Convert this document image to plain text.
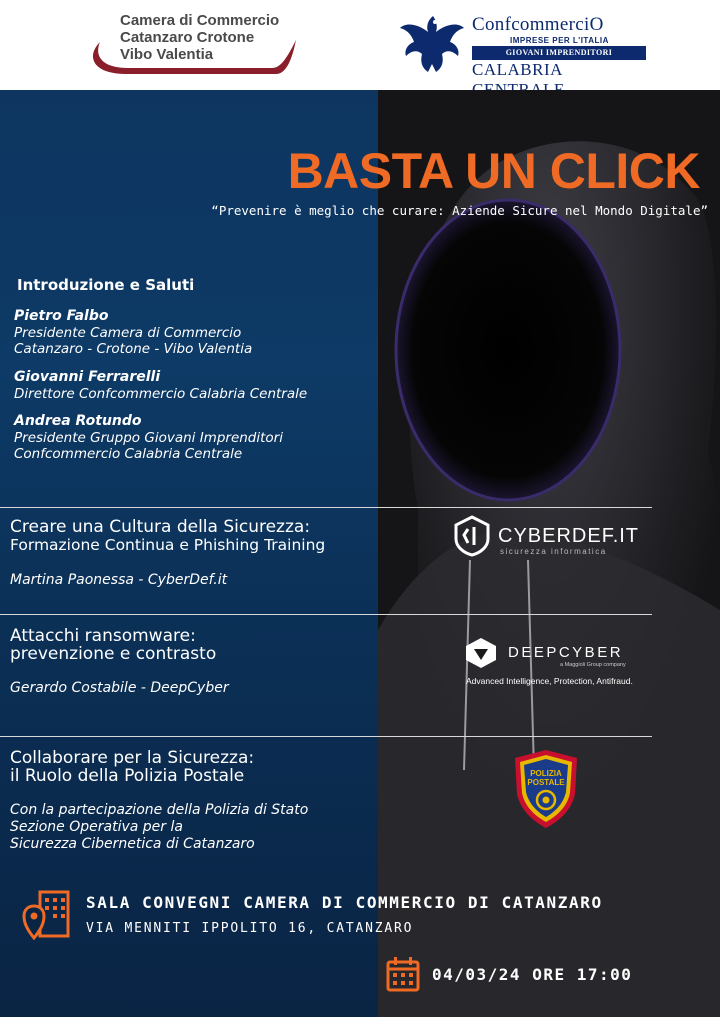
Camera di Commercio
Catanzaro Crotone
Vibo Valentia
ConfcommerciO
IMPRESE PER L'ITALIA
GIOVANI IMPRENDITORI
CALABRIA
BASTA UN CLICK
“Prevenire è meglio che curare: Aziende Sicure nel Mondo Digitale”
Introduzione e Saluti
Pietro Falbo
Presidente Camera di Commercio
Catanzaro - Crotone - Vibo Valentia
Giovanni Ferrarelli
Direttore Confcommercio Calabria Centrale
Andrea Rotundo
Presidente Gruppo Giovani Imprenditori
Confcommercio Calabria Centrale
Creare una Cultura della Sicurezza:
Formazione Continua e Phishing Training
Martina Paonessa - CyberDef.it
CYBERDEF.IT
sicurezza informatica
Attacchi ransomware:
prevenzione e contrasto
Gerardo Costabile - DeepCyber
DEEPCYBER
a Maggioli Group company
Advanced Intelligence, Protection, Antifraud.
Collaborare per la Sicurezza:
il Ruolo della Polizia Postale
Con la partecipazione della Polizia di Stato
Sezione Operativa per la
Sicurezza Cibernetica di Catanzaro
POLIZIA
POSTALE
SALA CONVEGNI CAMERA DI COMMERCIO DI CATANZARO
VIA MENNITI IPPOLITO 16, CATANZARO
04/03/24 ORE 17:00
